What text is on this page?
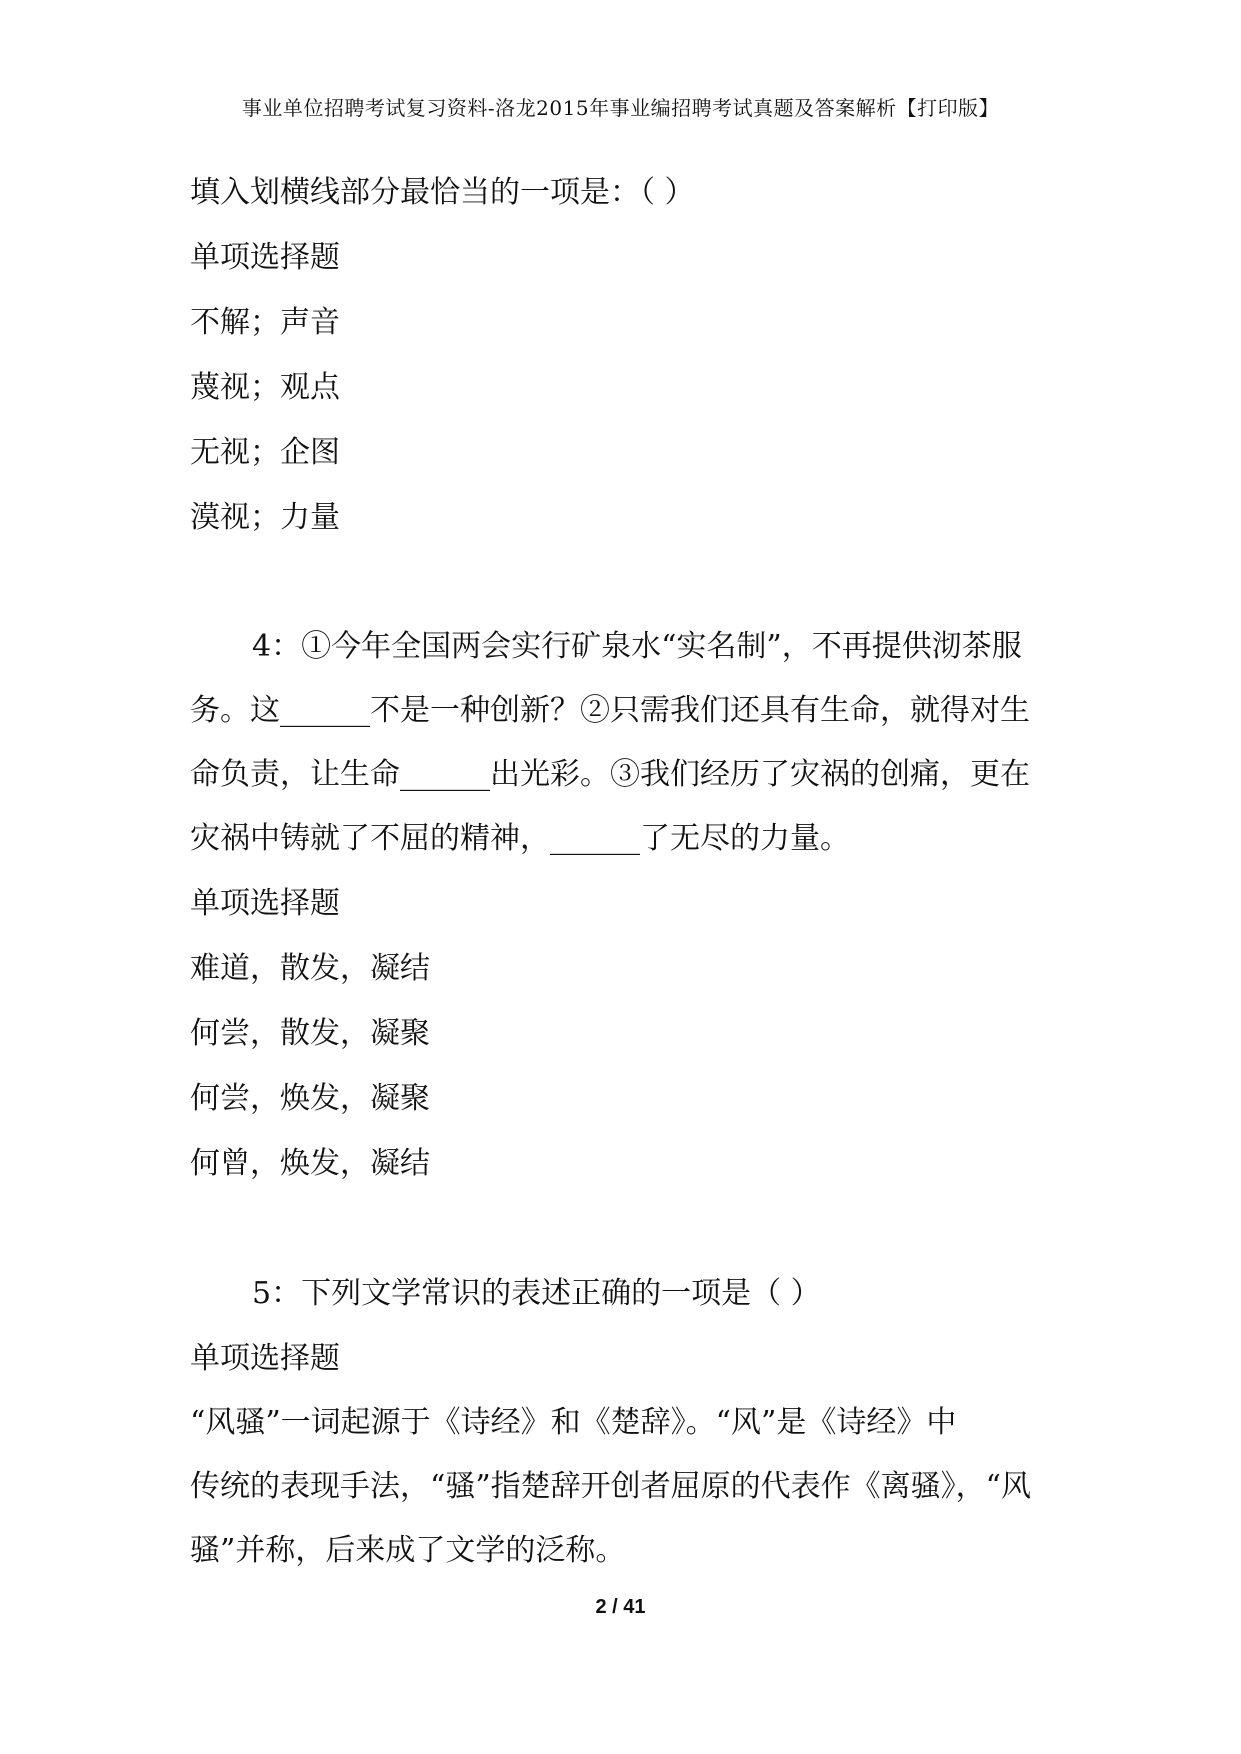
事业单位招聘考试复习资料-洛龙2015年事业编招聘考试真题及答案解析【打印版】
填入划横线部分最恰当的一项是：（ ）
单项选择题
不解；声音
蔑视；观点
无视；企图
漠视；力量
4：①今年全国两会实行矿泉水“实名制”，不再提供沏茶服
务。这______不是一种创新？②只需我们还具有生命，就得对生
命负责，让生命______出光彩。③我们经历了灾祸的创痛，更在
灾祸中铸就了不屈的精神，______了无尽的力量。
单项选择题
难道，散发，凝结
何尝，散发，凝聚
何尝，焕发，凝聚
何曾，焕发，凝结
5：下列文学常识的表述正确的一项是（ ）
单项选择题
“风骚”一词起源于《诗经》和《楚辞》。“风”是《诗经》中
传统的表现手法，“骚”指楚辞开创者屈原的代表作《离骚》，“风
骚”并称，后来成了文学的泛称。
2 / 41
